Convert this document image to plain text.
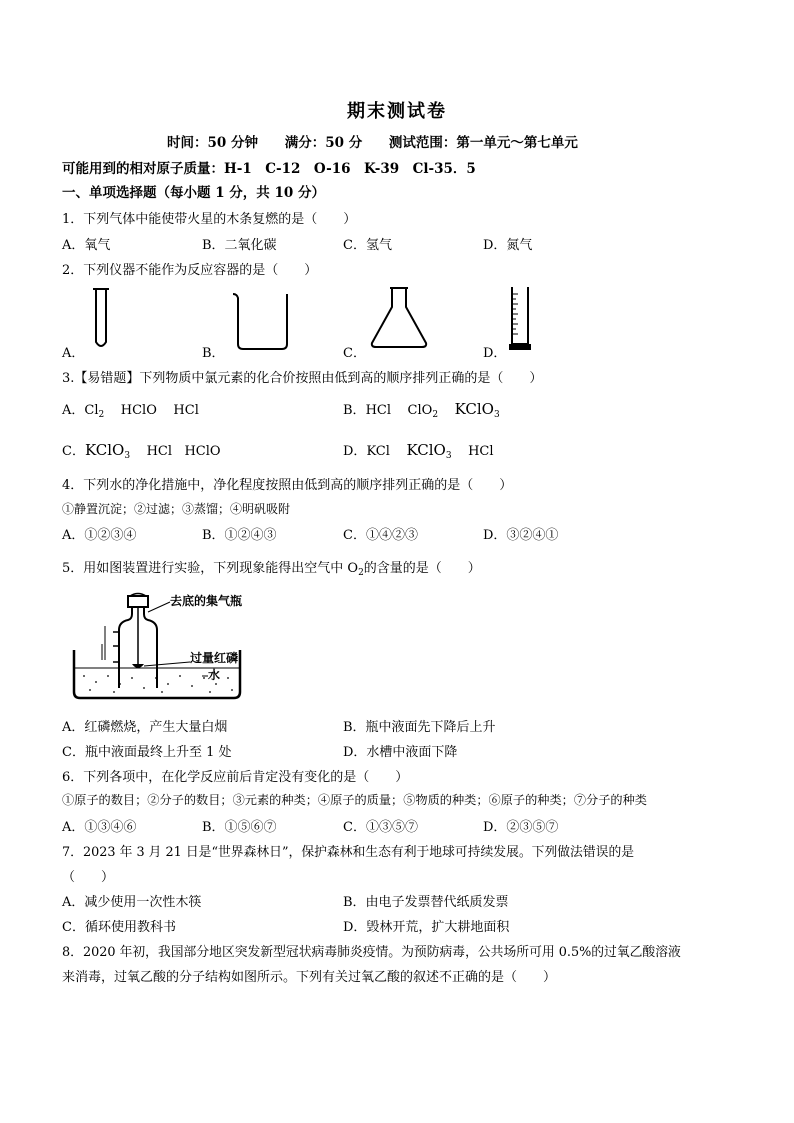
期末测试卷
时间：50 分钟 满分：50 分 测试范围：第一单元～第七单元
可能用到的相对原子质量：H-1　C-12　O-16　K-39　Cl-35．5
一、单项选择题（每小题 1 分，共 10 分）
1．下列气体中能使带火星的木条复燃的是（　　）
A．氧气	B．二氧化碳	C．氢气	D．氮气
2．下列仪器不能作为反应容器的是（　　）
A．	B．	C．	D．
3.【易错题】下列物质中氯元素的化合价按照由低到高的顺序排列正确的是（　　）
A．$Cl_2$ HClO HCl	B．HCl ClO$_2$ KClO$_3$
C．KClO$_3$ HCl HClO	D．KCl KClO$_3$ HCl
4．下列水的净化措施中，净化程度按照由低到高的顺序排列正确的是（　　）
①静置沉淀；②过滤；③蒸馏；④明矾吸附
A．①②③④	B．①②④③	C．①④②③	D．③②④①
5．用如图装置进行实验，下列现象能得出空气中 $O_2$的含量的是（　　）
去底的集气瓶
过量红磷
水
A．红磷燃烧，产生大量白烟	B．瓶中液面先下降后上升
C．瓶中液面最终上升至 1 处	D．水槽中液面下降
6．下列各项中，在化学反应前后肯定没有变化的是（　　）
①原子的数目；②分子的数目；③元素的种类；④原子的质量；⑤物质的种类；⑥原子的种类；⑦分子的种类
A．①③④⑥	B．①⑤⑥⑦	C．①③⑤⑦	D．②③⑤⑦
7．2023 年 3 月 21 日是“世界森林日”，保护森林和生态有利于地球可持续发展。下列做法错误的是
（　　）
A．减少使用一次性木筷	B．由电子发票替代纸质发票
C．循环使用教科书	D．毁林开荒，扩大耕地面积
8．2020 年初，我国部分地区突发新型冠状病毒肺炎疫情。为预防病毒，公共场所可用 0.5%的过氧乙酸溶液
来消毒，过氧乙酸的分子结构如图所示。下列有关过氧乙酸的叙述不正确的是（　　）
